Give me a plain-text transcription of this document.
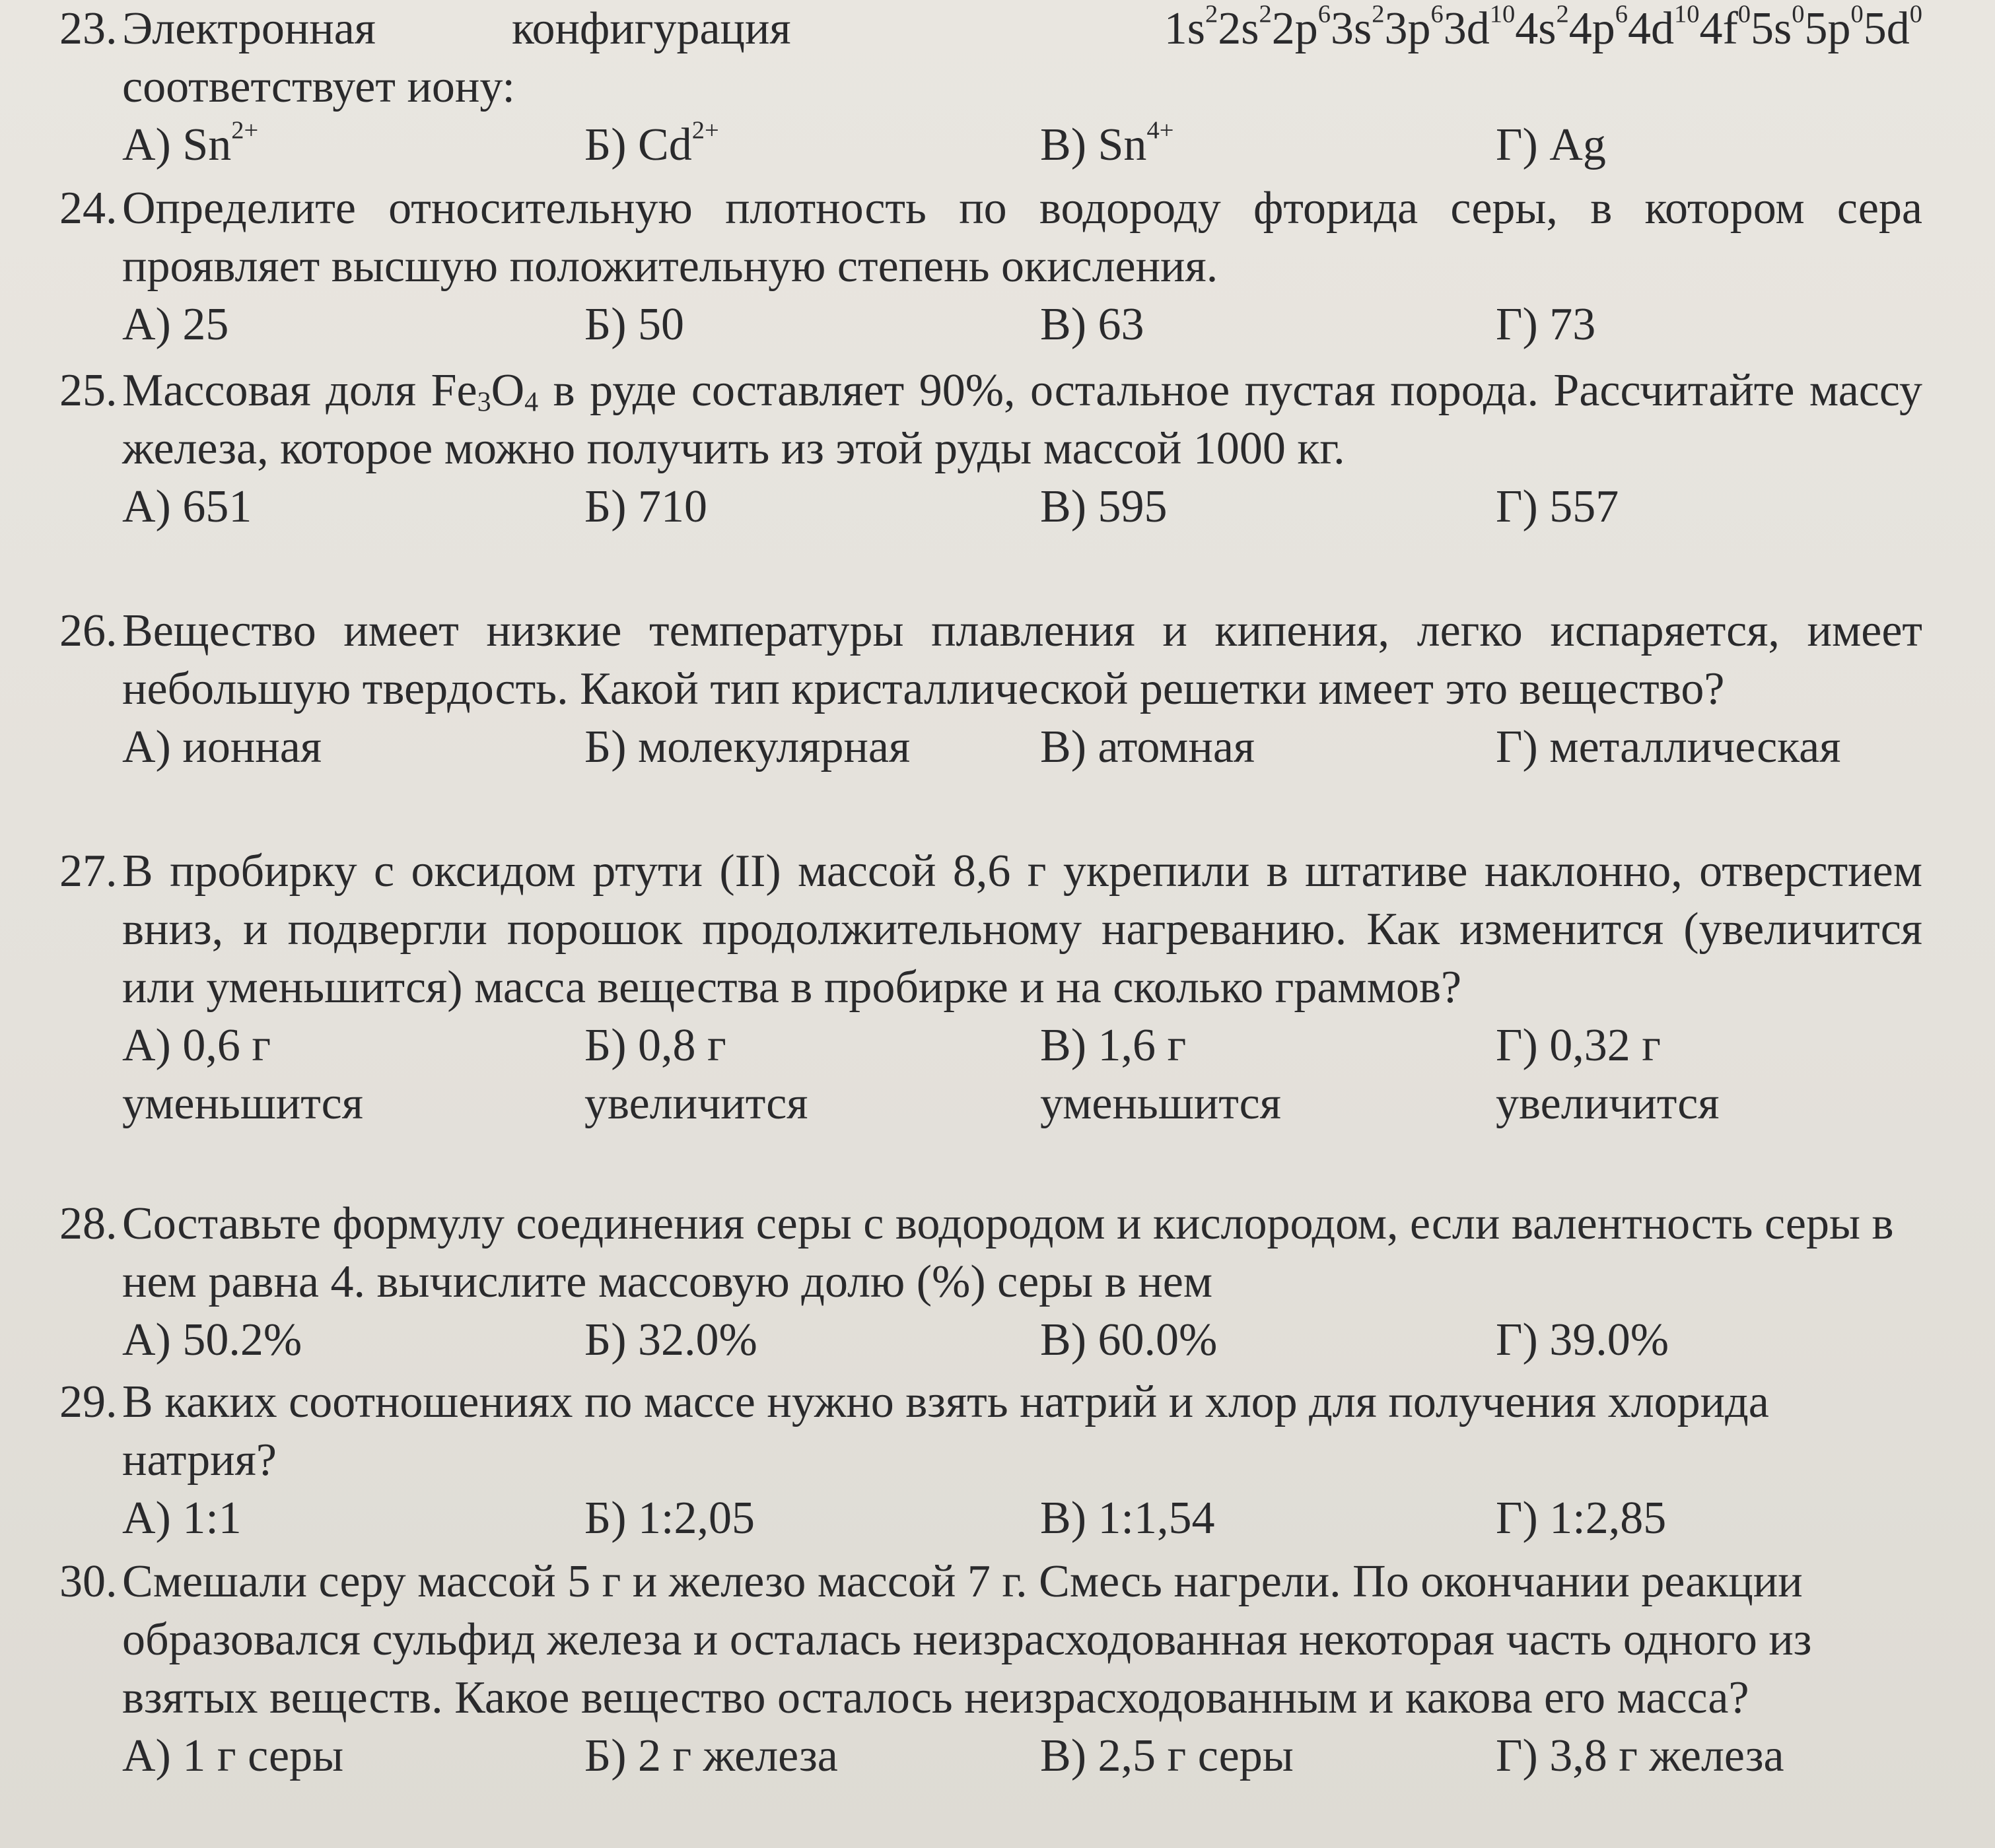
23. Электронная	конфигурация	$1s^22s^22p^63s^23p^63d^{10}4s^24p^64d^{10}4f^05s^05p^05d^0$

соответствует иону:

А) $Sn^{2+}$	Б) $Cd^{2+}$	В) $Sn^{4+}$	Г) Ag

24. Определите относительную плотность по водороду фторида серы, в котором сера проявляет высшую положительную степень окисления.

А) 25	Б) 50	В) 63	Г) 73

25. Массовая доля $Fe_3O_4$ в руде составляет 90%, остальное пустая порода. Рассчитайте массу железа, которое можно получить из этой руды массой 1000 кг.

А) 651	Б) 710	В) 595	Г) 557

26. Вещество имеет низкие температуры плавления и кипения, легко испаряется, имеет небольшую твердость. Какой тип кристаллической решетки имеет это вещество?

А) ионная	Б) молекулярная	В) атомная	Г) металлическая

27. В пробирку с оксидом ртути (II) массой 8,6 г укрепили в штативе наклонно, отверстием вниз, и подвергли порошок продолжительному нагреванию. Как изменится (увеличится или уменьшится) масса вещества в пробирке и на сколько граммов?

А) 0,6 г
уменьшится
Б) 0,8 г
увеличится
В) 1,6 г
уменьшится
Г) 0,32 г
увеличится

28. Составьте формулу соединения серы с водородом и кислородом, если валентность серы в нем равна 4. вычислите массовую долю (%) серы в нем

А) 50.2%	Б) 32.0%	В) 60.0%	Г) 39.0%

29. В каких соотношениях по массе нужно взять натрий и хлор для получения хлорида натрия?

А) 1:1	Б) 1:2,05	В) 1:1,54	Г) 1:2,85

30. Смешали серу массой 5 г и железо массой 7 г. Смесь нагрели. По окончании реакции образовался сульфид железа и осталась неизрасходованная некоторая часть одного из взятых веществ. Какое вещество осталось неизрасходованным и какова его масса?

А) 1 г серы	Б) 2 г железа	В) 2,5 г серы	Г) 3,8 г железа
